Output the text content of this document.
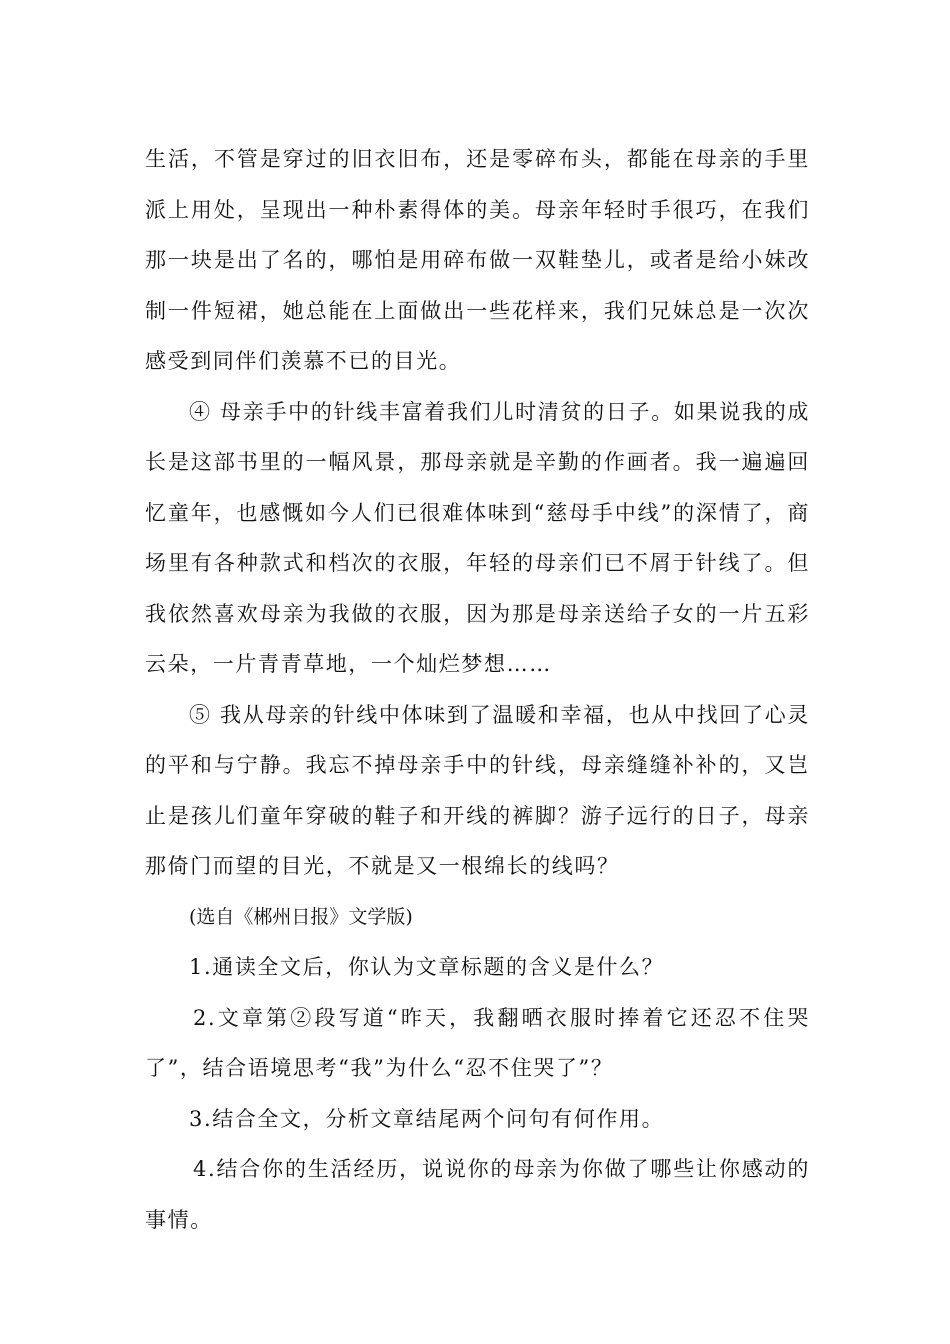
生活，不管是穿过的旧衣旧布，还是零碎布头，都能在母亲的手里派上用处，呈现出一种朴素得体的美。母亲年轻时手很巧，在我们那一块是出了名的，哪怕是用碎布做一双鞋垫儿，或者是给小妹改制一件短裙，她总能在上面做出一些花样来，我们兄妹总是一次次感受到同伴们羡慕不已的目光。

④ 母亲手中的针线丰富着我们儿时清贫的日子。如果说我的成长是这部书里的一幅风景，那母亲就是辛勤的作画者。我一遍遍回忆童年，也感慨如今人们已很难体味到“慈母手中线”的深情了，商场里有各种款式和档次的衣服，年轻的母亲们已不屑于针线了。但我依然喜欢母亲为我做的衣服，因为那是母亲送给子女的一片五彩云朵，一片青青草地，一个灿烂梦想……

⑤ 我从母亲的针线中体味到了温暖和幸福，也从中找回了心灵的平和与宁静。我忘不掉母亲手中的针线，母亲缝缝补补的，又岂止是孩儿们童年穿破的鞋子和开线的裤脚？游子远行的日子，母亲那倚门而望的目光，不就是又一根绵长的线吗？

(选自《郴州日报》文学版)

1.通读全文后，你认为文章标题的含义是什么？

2.文章第②段写道“昨天，我翻晒衣服时捧着它还忍不住哭了”，结合语境思考“我”为什么“忍不住哭了”？

3.结合全文，分析文章结尾两个问句有何作用。

4.结合你的生活经历，说说你的母亲为你做了哪些让你感动的事情。
